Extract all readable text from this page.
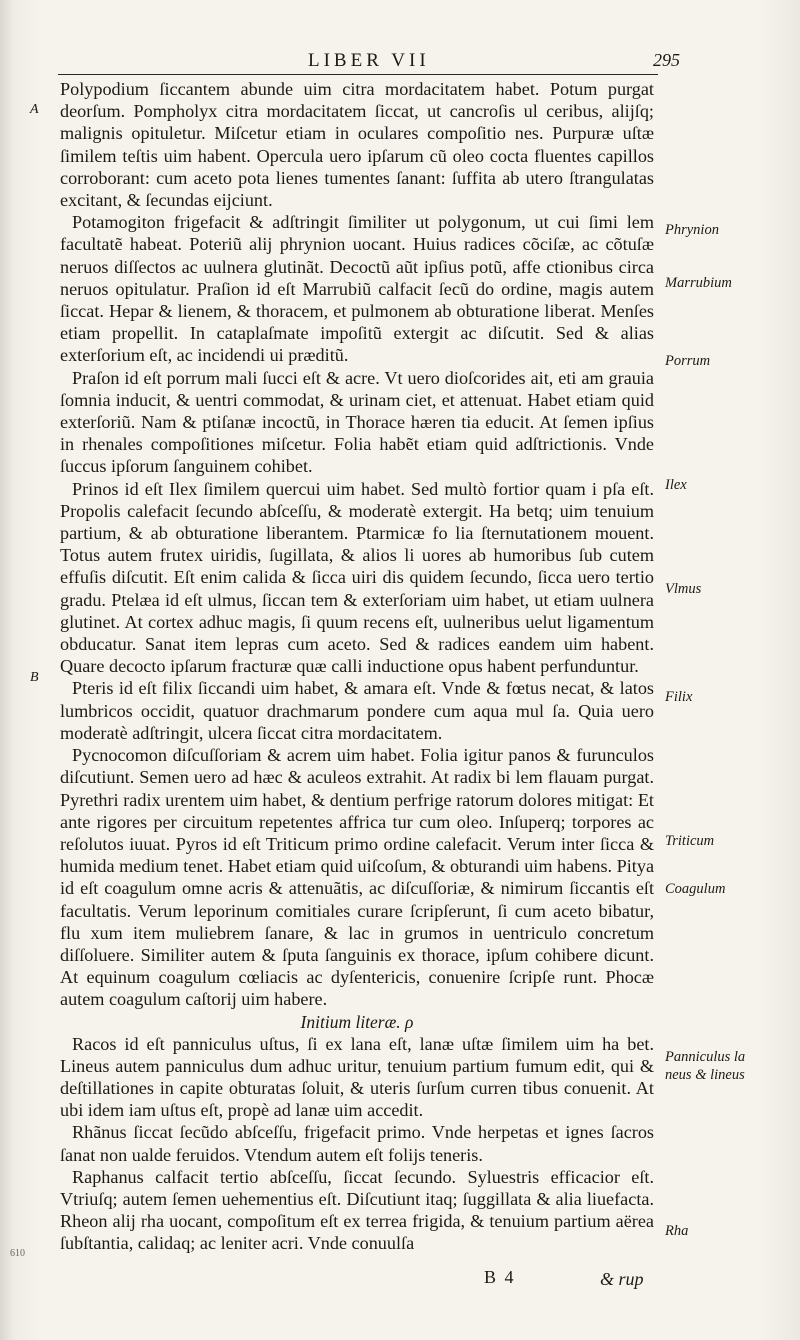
LIBER VII	295
A
B

Polypodium ſiccantem abunde uim citra mordacitatem habet. Potum purgat deorſum. Pompholyx citra mordacitatem ſiccat, ut cancroſis ul ceribus, alijſq; malignis opituletur. Miſcetur etiam in oculares compoſitio nes. Purpuræ uſtæ ſimilem teſtis uim habent. Opercula uero ipſarum cũ oleo cocta fluentes capillos corroborant: cum aceto pota lienes tumentes ſanant: ſuffita ab utero ſtrangulatas excitant, & ſecundas eijciunt.

Potamogiton frigefacit & adſtringit ſimiliter ut polygonum, ut cui ſimi lem facultatẽ habeat. Poteriũ alij phrynion uocant. Huius radices cõciſæ, ac cõtuſæ neruos diſſectos ac uulnera glutinãt. Decoctũ aũt ipſius potũ, affe ctionibus circa neruos opitulatur. Praſion id eſt Marrubiũ calfacit ſecũ do ordine, magis autem ſiccat. Hepar & lienem, & thoracem, et pulmonem ab obturatione liberat. Menſes etiam propellit. In cataplaſmate impoſitũ extergit ac diſcutit. Sed & alias exterſorium eſt, ac incidendi ui præditũ.

Praſon id eſt porrum mali ſucci eſt & acre. Vt uero dioſcorides ait, eti am grauia ſomnia inducit, & uentri commodat, & urinam ciet, et attenuat. Habet etiam quid exterſoriũ. Nam & ptiſanæ incoctũ, in Thorace hæren tia educit. At ſemen ipſius in rhenales compoſitiones miſcetur. Folia habẽt etiam quid adſtrictionis. Vnde ſuccus ipſorum ſanguinem cohibet.

Prinos id eſt Ilex ſimilem quercui uim habet. Sed multò fortior quam i pſa eſt. Propolis calefacit ſecundo abſceſſu, & moderatè extergit. Ha betq; uim tenuium partium, & ab obturatione liberantem. Ptarmicæ fo lia ſternutationem mouent. Totus autem frutex uiridis, ſugillata, & alios li uores ab humoribus ſub cutem effuſis diſcutit. Eſt enim calida & ſicca uiri dis quidem ſecundo, ſicca uero tertio gradu. Ptelæa id eſt ulmus, ſiccan tem & exterſoriam uim habet, ut etiam uulnera glutinet. At cortex adhuc magis, ſi quum recens eſt, uulneribus uelut ligamentum obducatur. Sanat item lepras cum aceto. Sed & radices eandem uim habent. Quare decocto ipſarum fracturæ quæ calli inductione opus habent perfunduntur.

Pteris id eſt filix ſiccandi uim habet, & amara eſt. Vnde & fœtus necat, & latos lumbricos occidit, quatuor drachmarum pondere cum aqua mul ſa. Quia uero moderatè adſtringit, ulcera ſiccat citra mordacitatem.

Pycnocomon diſcuſſoriam & acrem uim habet. Folia igitur panos & furunculos diſcutiunt. Semen uero ad hæc & aculeos extrahit. At radix bi lem flauam purgat. Pyrethri radix urentem uim habet, & dentium perfrige ratorum dolores mitigat: Et ante rigores per circuitum repetentes affrica tur cum oleo. Inſuperq; torpores ac reſolutos iuuat. Pyros id eſt Triticum primo ordine calefacit. Verum inter ſicca & humida medium tenet. Habet etiam quid uiſcoſum, & obturandi uim habens. Pitya id eſt coagulum omne acris & attenuãtis, ac diſcuſſoriæ, & nimirum ſiccantis eſt facultatis. Verum leporinum comitiales curare ſcripſerunt, ſi cum aceto bibatur, flu xum item muliebrem ſanare, & lac in grumos in uentriculo concretum diſſoluere. Similiter autem & ſputa ſanguinis ex thorace, ipſum cohibere dicunt. At equinum coagulum cœliacis ac dyſentericis, conuenire ſcripſe runt. Phocæ autem coagulum caſtorij uim habere.

Initium literæ. ρ

Racos id eſt panniculus uſtus, ſi ex lana eſt, lanæ uſtæ ſimilem uim ha bet. Lineus autem panniculus dum adhuc uritur, tenuium partium fumum edit, qui & deſtillationes in capite obturatas ſoluit, & uteris ſurſum curren tibus conuenit. At ubi idem iam uſtus eſt, propè ad lanæ uim accedit.

Rhãnus ſiccat ſecũdo abſceſſu, frigefacit primo. Vnde herpetas et ignes ſacros ſanat non ualde feruidos. Vtendum autem eſt folijs teneris.

Raphanus calfacit tertio abſceſſu, ſiccat ſecundo. Syluestris efficacior eſt. Vtriuſq; autem ſemen uehementius eſt. Diſcutiunt itaq; ſuggillata & alia liuefacta. Rheon alij rha uocant, compoſitum eſt ex terrea frigida, & tenuium partium aërea ſubſtantia, calidaq; ac leniter acri. Vnde conuulſa

Phrynion
Marrubium
Porrum
Ilex
Vlmus
Filix
Triticum
Coagulum
Panniculus la neus & lineus
Rha
B 4	& rup
610
